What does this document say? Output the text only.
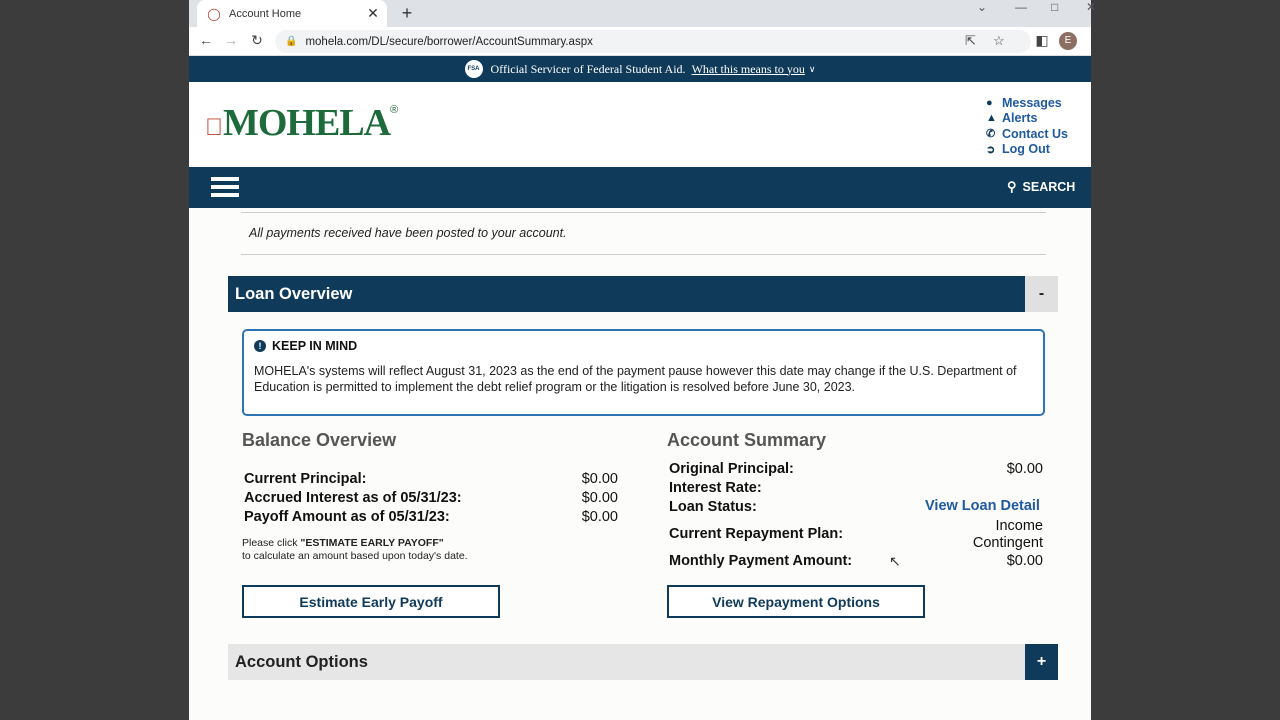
◯ Account Home	✕ +	⌄ — □ ✕
← → ↻	🔒 mohela.com/DL/secure/borrower/AccountSummary.aspx	⇱ ☆ ◧	E
FSA Official Servicer of Federal Student Aid. What this means to you ∨
MOHELA ®
● Messages
▲ Alerts
✆ Contact Us
➲ Log Out
⚲ SEARCH
All payments received have been posted to your account.
Loan Overview	-
! KEEP IN MIND
MOHELA's systems will reflect August 31, 2023 as the end of the payment pause however this date may change if the U.S. Department of Education is permitted to implement the debt relief program or the litigation is resolved before June 30, 2023.
Balance Overview
Current Principal:	$0.00
Accrued Interest as of 05/31/23:	$0.00
Payoff Amount as of 05/31/23:	$0.00
Please click "ESTIMATE EARLY PAYOFF"
to calculate an amount based upon today's date.
Estimate Early Payoff
Account Summary
Original Principal:	$0.00
Interest Rate:
Loan Status:	View Loan Detail
Current Repayment Plan:	Income
Contingent
Monthly Payment Amount:	$0.00
View Repayment Options
↖
Account Options	+
